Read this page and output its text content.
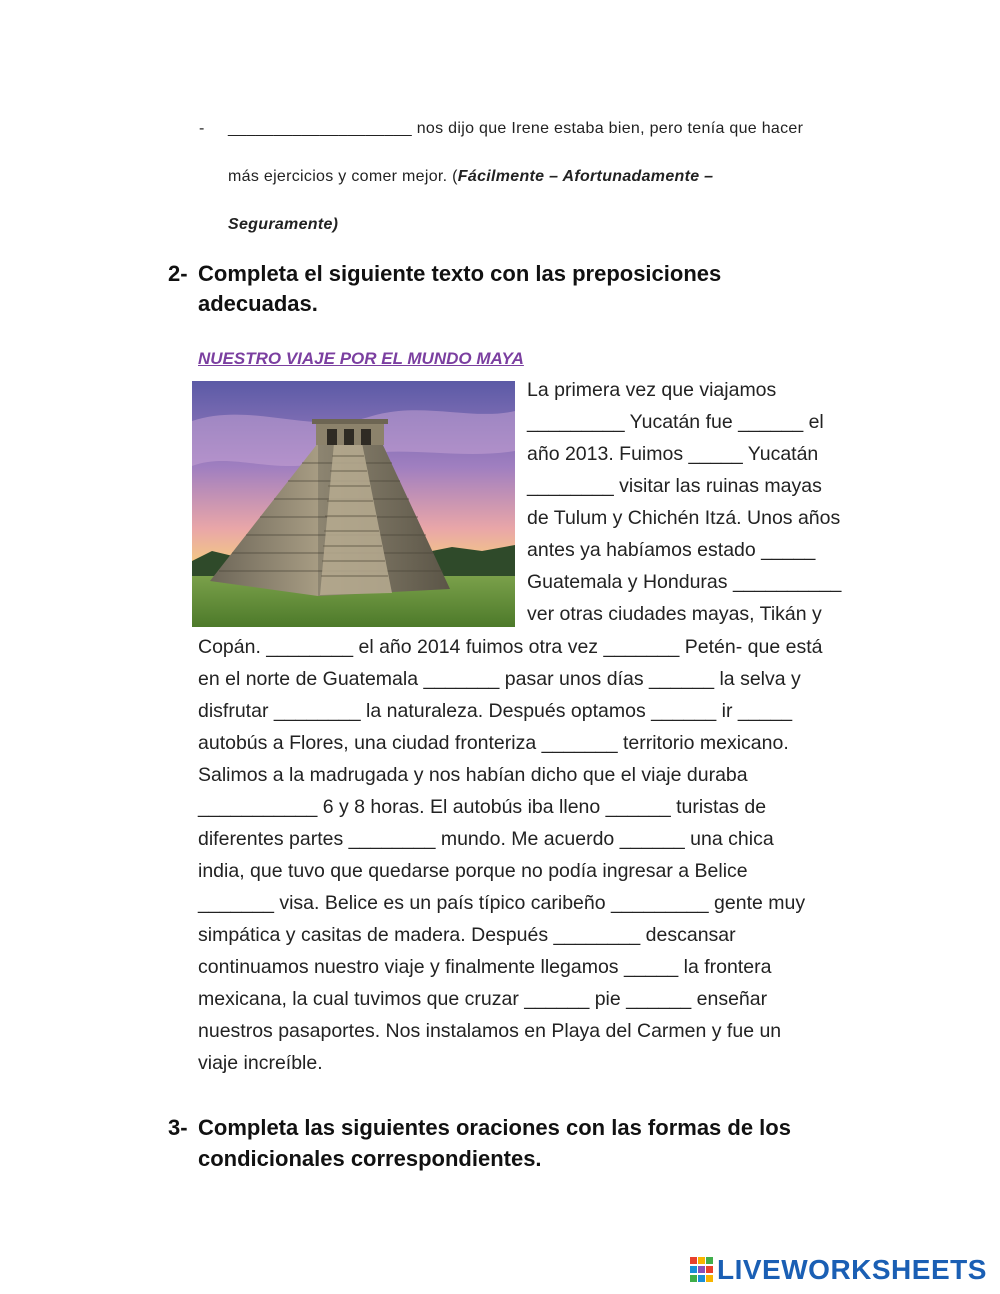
- ____________________ nos dijo que Irene estaba bien, pero tenía que hacer
más ejercicios y comer mejor. (Fácilmente – Afortunadamente –
Seguramente)
2- Completa el siguiente texto con las preposiciones
adecuadas.
NUESTRO VIAJE POR EL MUNDO MAYA
La primera vez que viajamos
_________ Yucatán fue ______ el
año 2013. Fuimos _____ Yucatán
________ visitar las ruinas mayas
de Tulum y Chichén Itzá. Unos años
antes ya habíamos estado _____
Guatemala y Honduras __________
ver otras ciudades mayas, Tikán y
Copán. ________ el año 2014 fuimos otra vez _______ Petén- que está
en el norte de Guatemala _______ pasar unos días ______ la selva y
disfrutar ________ la naturaleza. Después optamos ______ ir _____
autobús a Flores, una ciudad fronteriza _______ territorio mexicano.
Salimos a la madrugada y nos habían dicho que el viaje duraba
___________ 6 y 8 horas. El autobús iba lleno ______ turistas de
diferentes partes ________ mundo. Me acuerdo ______ una chica
india, que tuvo que quedarse porque no podía ingresar a Belice
_______ visa. Belice es un país típico caribeño _________ gente muy
simpática y casitas de madera. Después ________ descansar
continuamos nuestro viaje y finalmente llegamos _____ la frontera
mexicana, la cual tuvimos que cruzar ______ pie ______ enseñar
nuestros pasaportes. Nos instalamos en Playa del Carmen y fue un
viaje increíble.
3- Completa las siguientes oraciones con las formas de los
condicionales correspondientes.
LIVEWORKSHEETS
